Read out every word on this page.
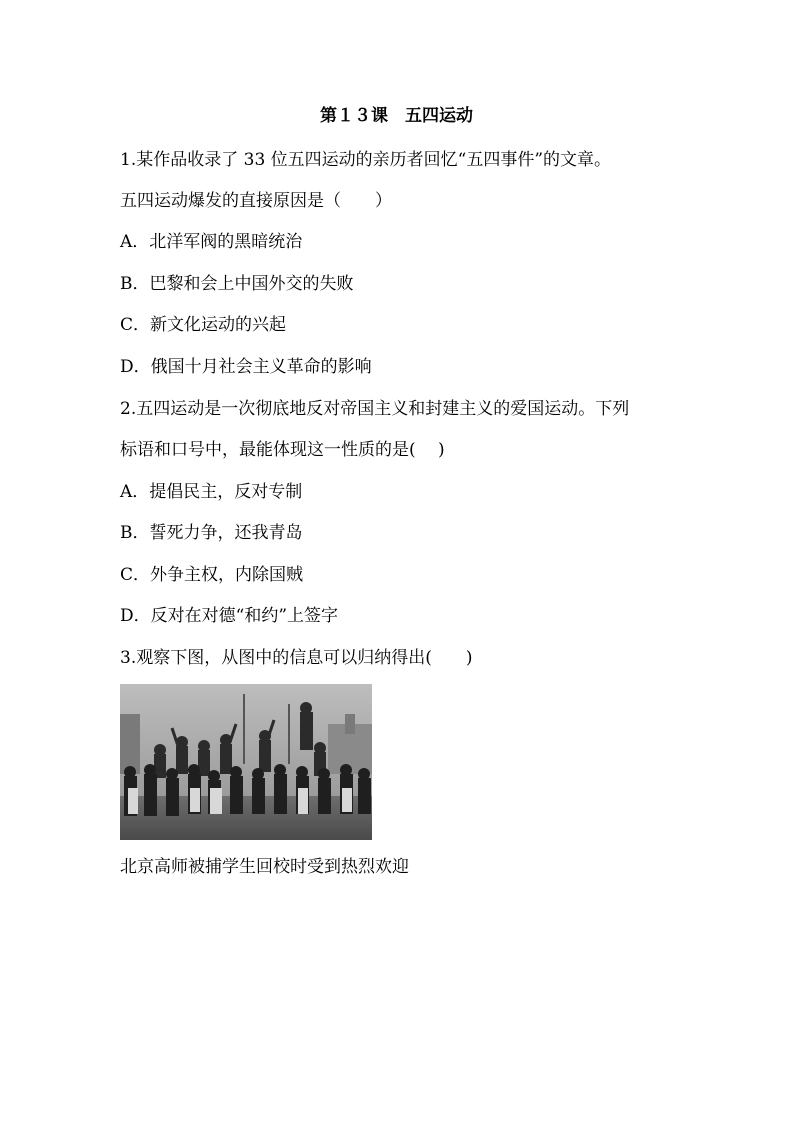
第１３课　五四运动
1.某作品收录了 33 位五四运动的亲历者回忆“五四事件”的文章。
五四运动爆发的直接原因是（　　）
A．北洋军阀的黑暗统治
B．巴黎和会上中国外交的失败
C．新文化运动的兴起
D．俄国十月社会主义革命的影响
2.五四运动是一次彻底地反对帝国主义和封建主义的爱国运动。下列
标语和口号中，最能体现这一性质的是(　 )
A．提倡民主，反对专制
B．誓死力争，还我青岛
C．外争主权，内除国贼
D．反对在对德“和约”上签字
3.观察下图，从图中的信息可以归纳得出(　　)
北京高师被捕学生回校时受到热烈欢迎
